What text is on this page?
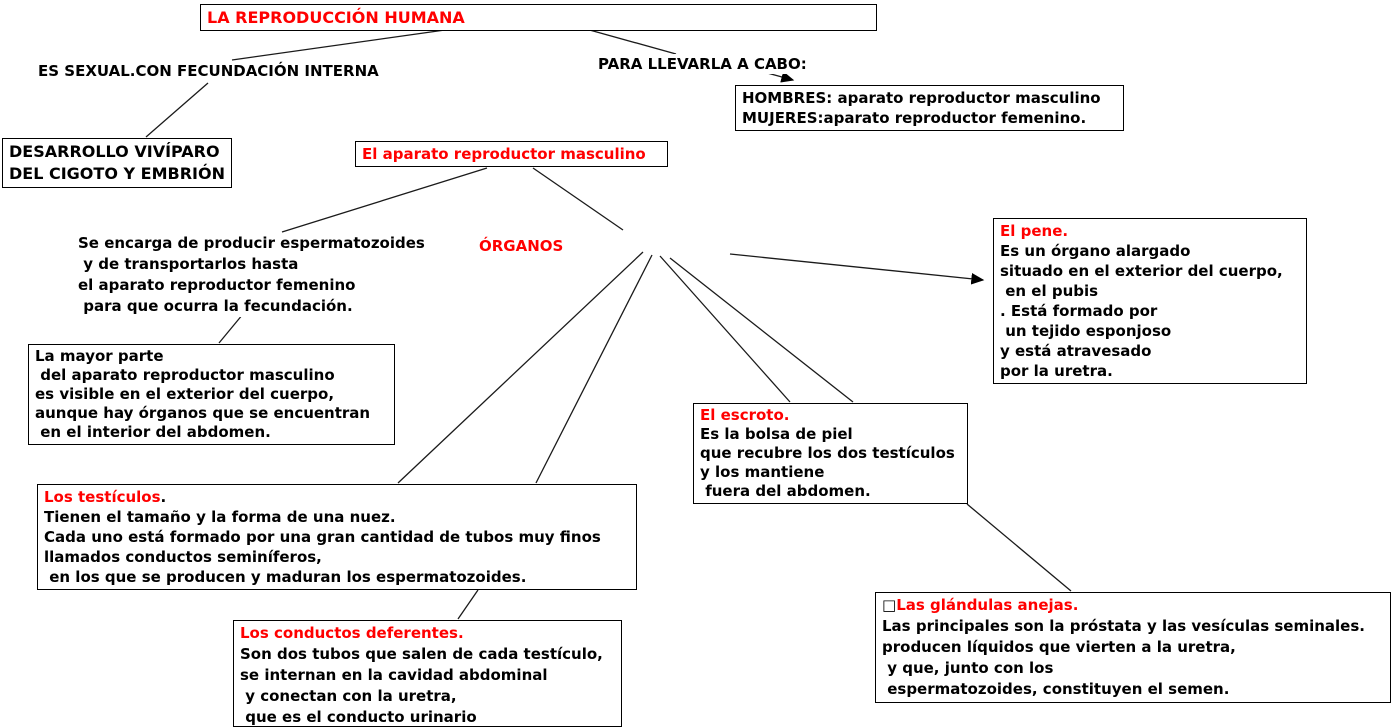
LA REPRODUCCIÓN HUMANA
ES SEXUAL.CON FECUNDACIÓN INTERNA	PARA LLEVARLA A CABO:
HOMBRES: aparato reproductor masculino
MUJERES:aparato reproductor femenino.
DESARROLLO VIVÍPARO
DEL CIGOTO Y EMBRIÓN
El aparato reproductor masculino
Se encarga de producir espermatozoides
y de transportarlos hasta
el aparato reproductor femenino
para que ocurra la fecundación.
ÓRGANOS
El pene.
Es un órgano alargado
situado en el exterior del cuerpo,
en el pubis
. Está formado por
un tejido esponjoso
y está atravesado
por la uretra.
La mayor parte
del aparato reproductor masculino
es visible en el exterior del cuerpo,
aunque hay órganos que se encuentran
en el interior del abdomen.
El escroto.
Es la bolsa de piel
que recubre los dos testículos
y los mantiene
fuera del abdomen.
Los testículos.
Tienen el tamaño y la forma de una nuez.
Cada uno está formado por una gran cantidad de tubos muy finos
llamados conductos seminíferos,
en los que se producen y maduran los espermatozoides.
Los conductos deferentes.
Son dos tubos que salen de cada testículo,
se internan en la cavidad abdominal
y conectan con la uretra,
que es el conducto urinario
□Las glándulas anejas.
Las principales son la próstata y las vesículas seminales.
producen líquidos que vierten a la uretra,
y que, junto con los
espermatozoides, constituyen el semen.
